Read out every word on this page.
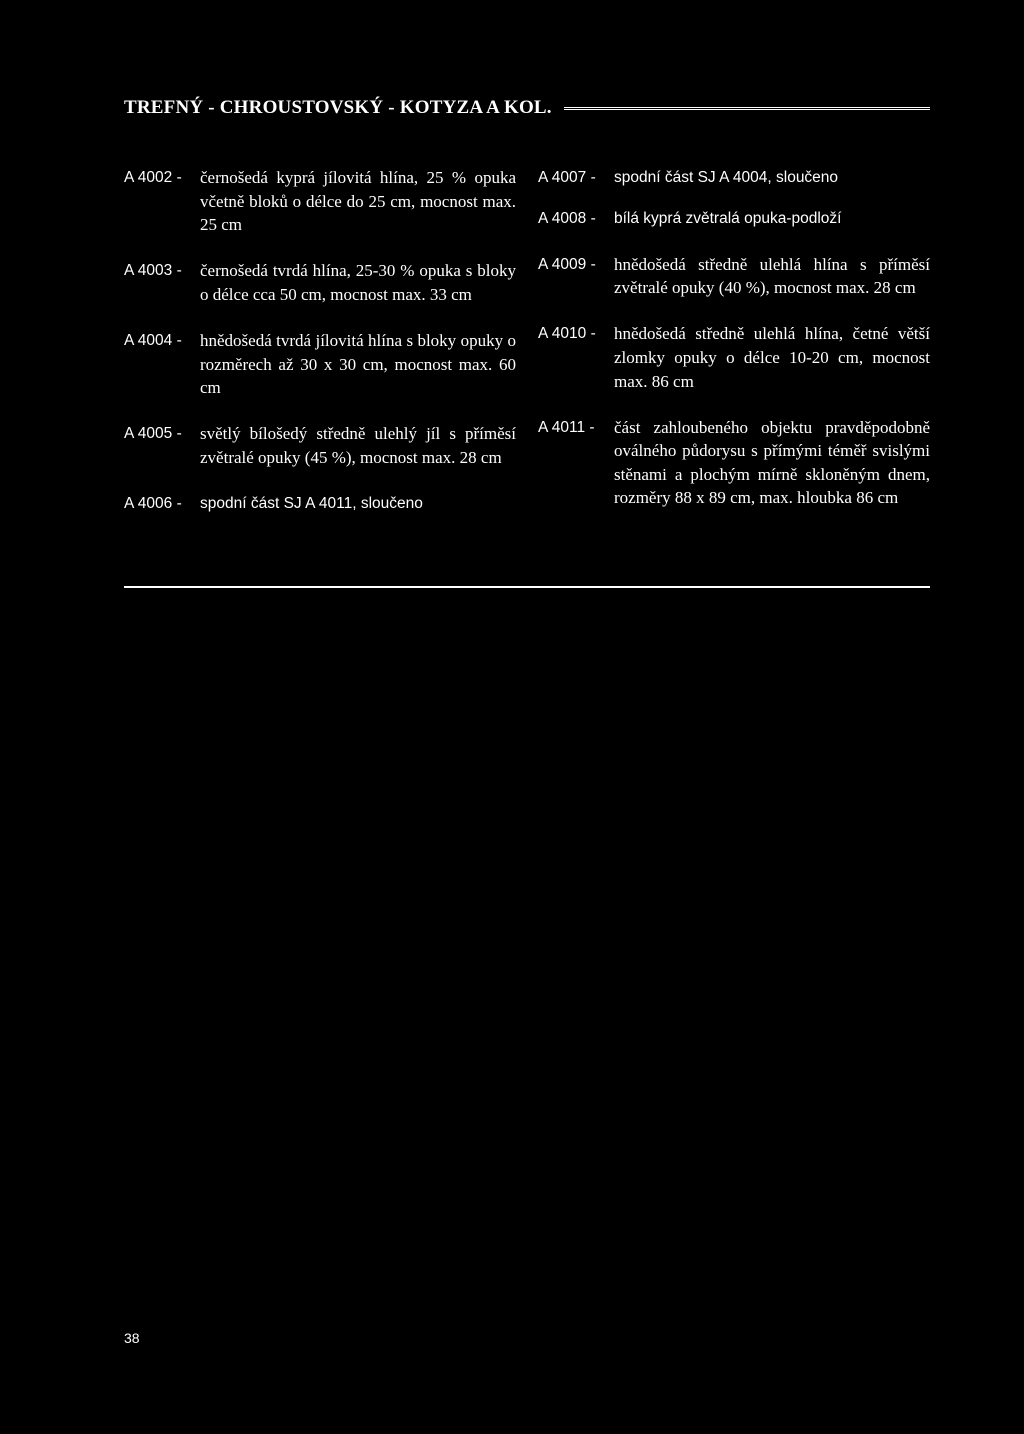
TREFNÝ - CHROUSTOVSKÝ - KOTYZA A KOL.
A 4002 -	černošedá kyprá jílovitá hlína, 25 % opuka včetně bloků o délce do 25 cm, mocnost max. 25 cm
A 4003 -	černošedá tvrdá hlína, 25-30 % opuka s bloky o délce cca 50 cm, mocnost max. 33 cm
A 4004 -	hnědošedá tvrdá jílovitá hlína s bloky opuky o rozměrech až 30 x 30 cm, mocnost max. 60 cm
A 4005 -	světlý bílošedý středně ulehlý jíl s příměsí zvětralé opuky (45 %), mocnost max. 28 cm
A 4006 -	spodní část SJ A 4011, sloučeno
A 4007 -	spodní část SJ A 4004, sloučeno
A 4008 -	bílá kyprá zvětralá opuka-podloží
A 4009 -	hnědošedá středně ulehlá hlína s příměsí zvětralé opuky (40 %), mocnost max. 28 cm
A 4010 -	hnědošedá středně ulehlá hlína, četné větší zlomky opuky o délce 10-20 cm, mocnost max. 86 cm
A 4011 -	část zahloubeného objektu pravděpodobně oválného půdorysu s přímými téměř svislými stěnami a plochým mírně skloněným dnem, rozměry 88 x 89 cm, max. hloubka 86 cm
38
